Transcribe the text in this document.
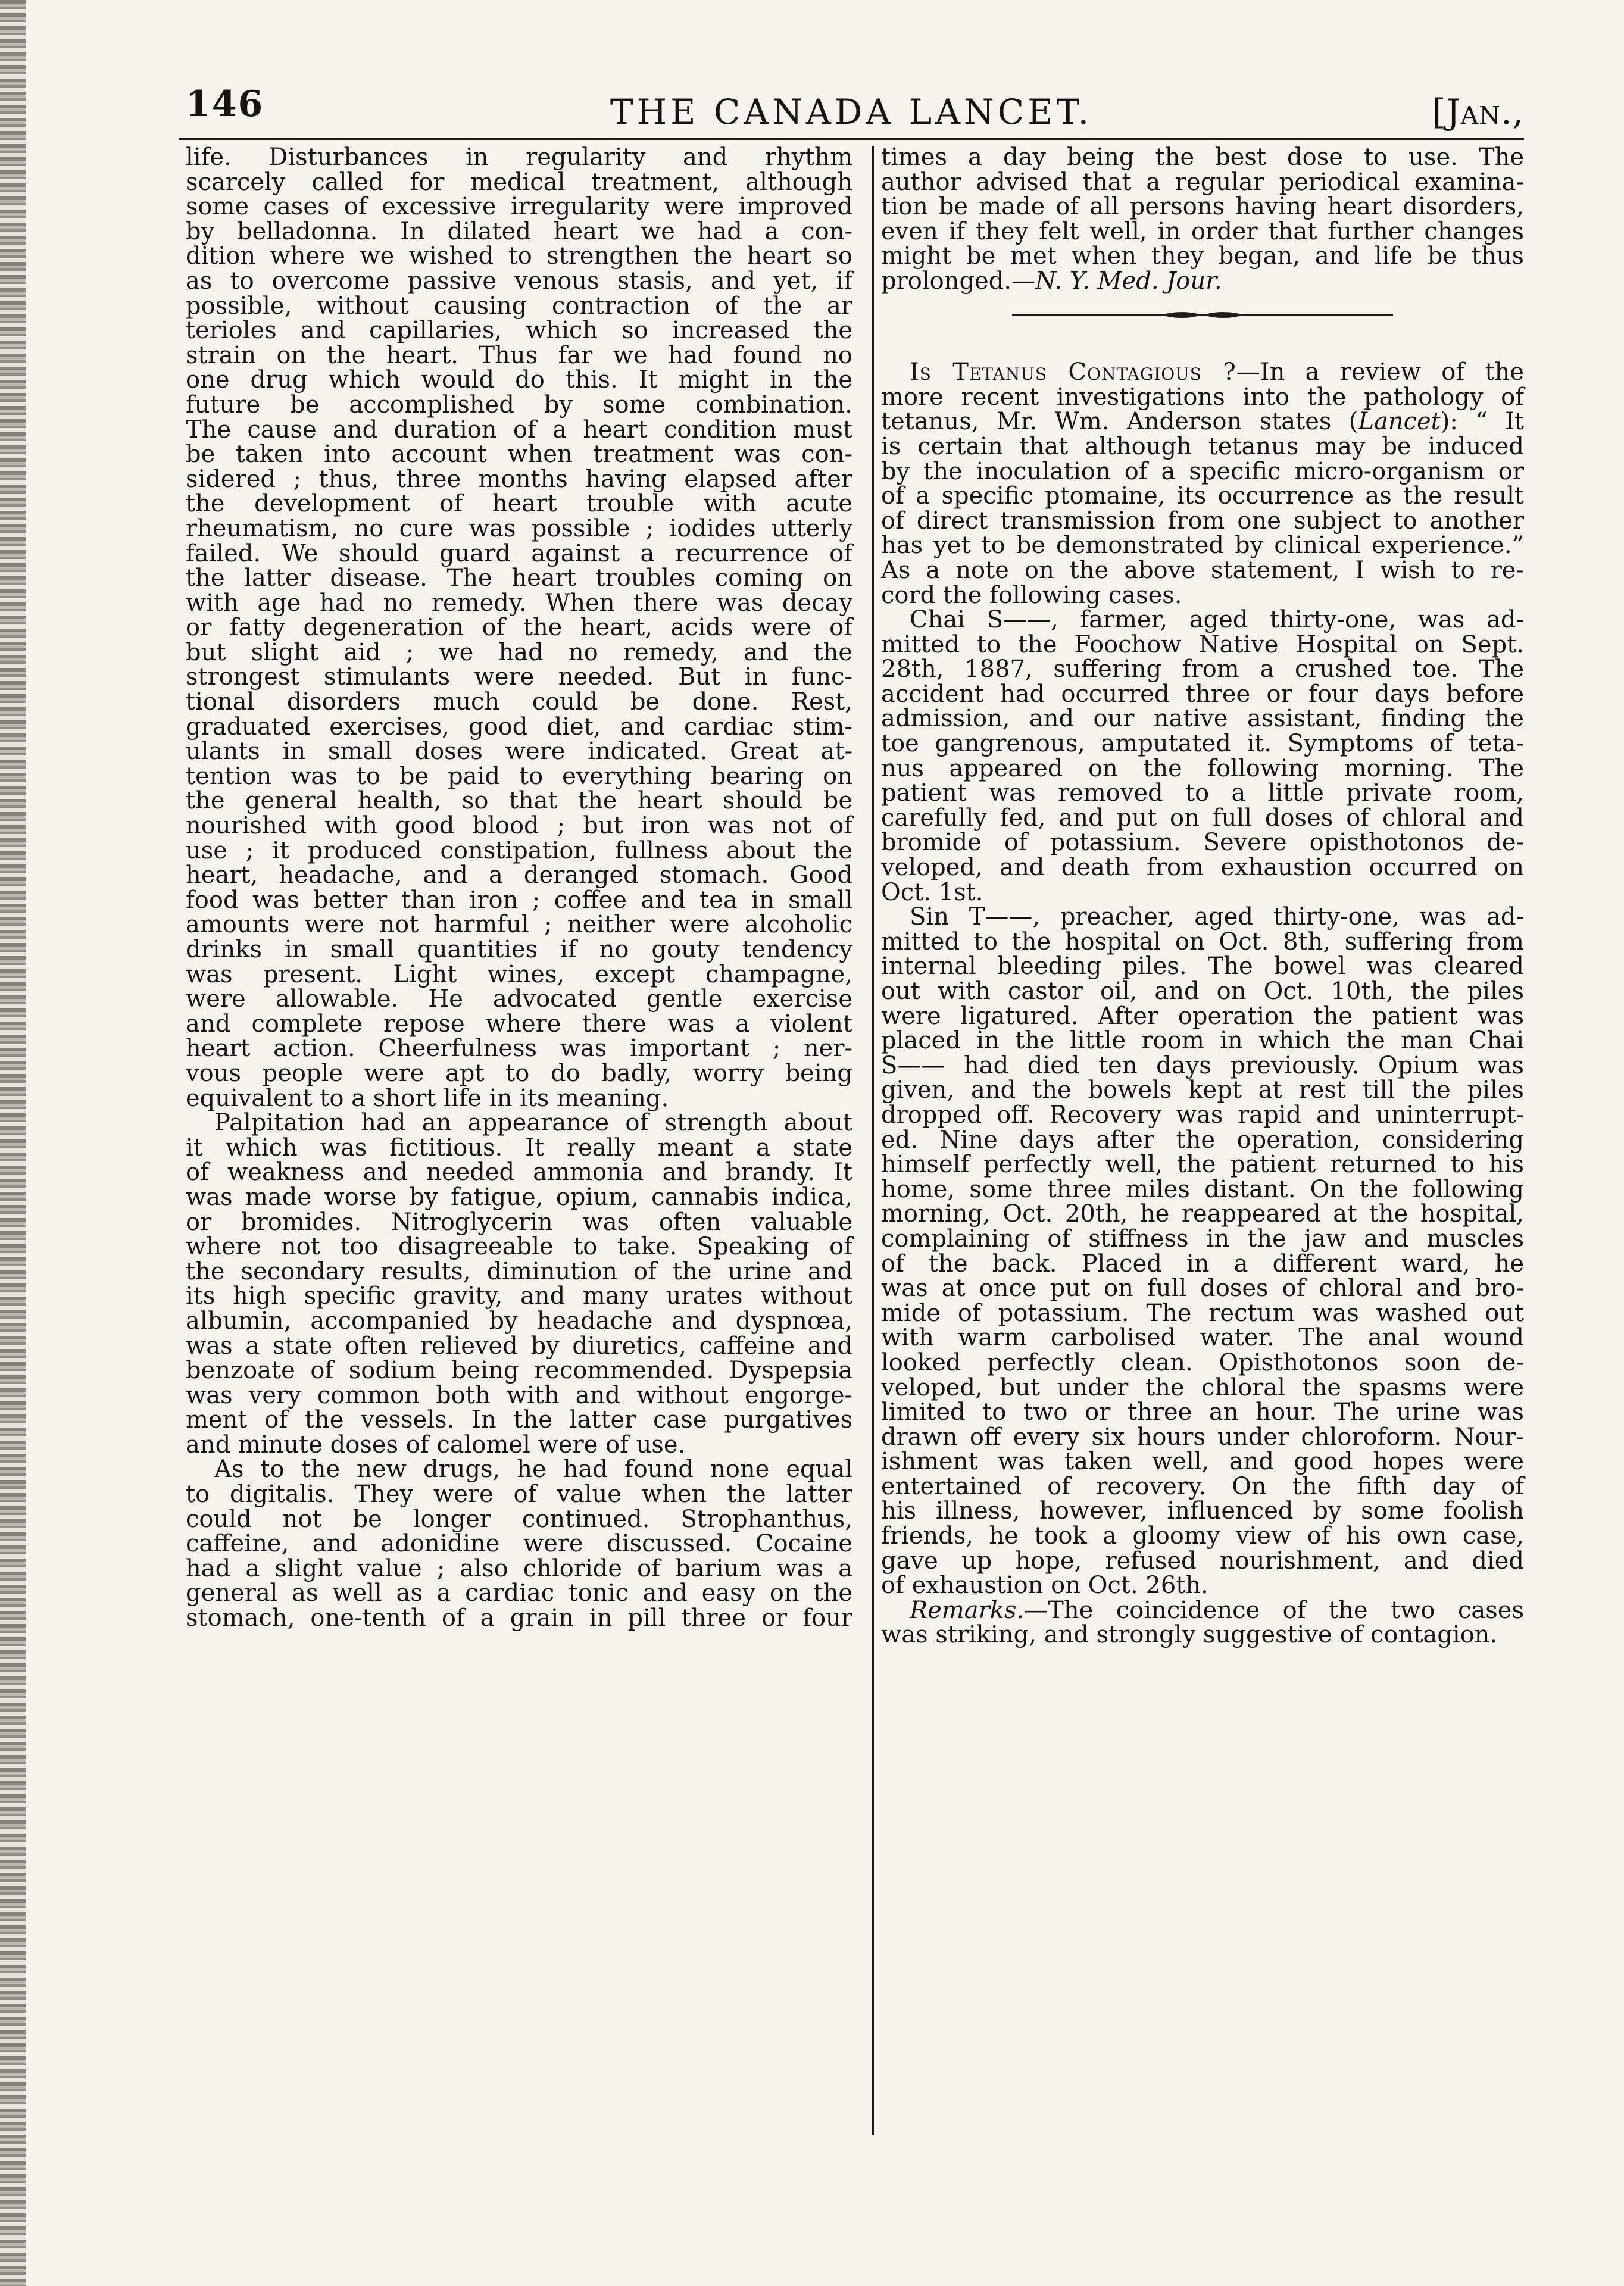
146	THE CANADA LANCET.	[Jan.,
life. Disturbances in regularity and rhythm
scarcely called for medical treatment, although
some cases of excessive irregularity were improved
by belladonna. In dilated heart we had a con-
dition where we wished to strengthen the heart so
as to overcome passive venous stasis, and yet, if
possible, without causing contraction of the ar
terioles and capillaries, which so increased the
strain on the heart. Thus far we had found no
one drug which would do this. It might in the
future be accomplished by some combination.
The cause and duration of a heart condition must
be taken into account when treatment was con-
sidered ; thus, three months having elapsed after
the development of heart trouble with acute
rheumatism, no cure was possible ; iodides utterly
failed. We should guard against a recurrence of
the latter disease. The heart troubles coming on
with age had no remedy. When there was decay
or fatty degeneration of the heart, acids were of
but slight aid ; we had no remedy, and the
strongest stimulants were needed. But in func-
tional disorders much could be done. Rest,
graduated exercises, good diet, and cardiac stim-
ulants in small doses were indicated. Great at-
tention was to be paid to everything bearing on
the general health, so that the heart should be
nourished with good blood ; but iron was not of
use ; it produced constipation, fullness about the
heart, headache, and a deranged stomach. Good
food was better than iron ; coffee and tea in small
amounts were not harmful ; neither were alcoholic
drinks in small quantities if no gouty tendency
was present. Light wines, except champagne,
were allowable. He advocated gentle exercise
and complete repose where there was a violent
heart action. Cheerfulness was important ; ner-
vous people were apt to do badly, worry being
equivalent to a short life in its meaning.
Palpitation had an appearance of strength about
it which was fictitious. It really meant a state
of weakness and needed ammonia and brandy. It
was made worse by fatigue, opium, cannabis indica,
or bromides. Nitroglycerin was often valuable
where not too disagreeable to take. Speaking of
the secondary results, diminution of the urine and
its high specific gravity, and many urates without
albumin, accompanied by headache and dyspnœa,
was a state often relieved by diuretics, caffeine and
benzoate of sodium being recommended. Dyspepsia
was very common both with and without engorge-
ment of the vessels. In the latter case purgatives
and minute doses of calomel were of use.
As to the new drugs, he had found none equal
to digitalis. They were of value when the latter
could not be longer continued. Strophanthus,
caffeine, and adonidine were discussed. Cocaine
had a slight value ; also chloride of barium was a
general as well as a cardiac tonic and easy on the
stomach, one-tenth of a grain in pill three or four
times a day being the best dose to use. The
author advised that a regular periodical examina-
tion be made of all persons having heart disorders,
even if they felt well, in order that further changes
might be met when they began, and life be thus
prolonged.—N. Y. Med. Jour.
Is Tetanus Contagious ?—In a review of the
more recent investigations into the pathology of
tetanus, Mr. Wm. Anderson states (Lancet): “ It
is certain that although tetanus may be induced
by the inoculation of a specific micro-organism or
of a specific ptomaine, its occurrence as the result
of direct transmission from one subject to another
has yet to be demonstrated by clinical experience.”
As a note on the above statement, I wish to re-
cord the following cases.
Chai S——, farmer, aged thirty-one, was ad-
mitted to the Foochow Native Hospital on Sept.
28th, 1887, suffering from a crushed toe. The
accident had occurred three or four days before
admission, and our native assistant, finding the
toe gangrenous, amputated it. Symptoms of teta-
nus appeared on the following morning. The
patient was removed to a little private room,
carefully fed, and put on full doses of chloral and
bromide of potassium. Severe opisthotonos de-
veloped, and death from exhaustion occurred on
Oct. 1st.
Sin T——, preacher, aged thirty-one, was ad-
mitted to the hospital on Oct. 8th, suffering from
internal bleeding piles. The bowel was cleared
out with castor oil, and on Oct. 10th, the piles
were ligatured. After operation the patient was
placed in the little room in which the man Chai
S—— had died ten days previously. Opium was
given, and the bowels kept at rest till the piles
dropped off. Recovery was rapid and uninterrupt-
ed. Nine days after the operation, considering
himself perfectly well, the patient returned to his
home, some three miles distant. On the following
morning, Oct. 20th, he reappeared at the hospital,
complaining of stiffness in the jaw and muscles
of the back. Placed in a different ward, he
was at once put on full doses of chloral and bro-
mide of potassium. The rectum was washed out
with warm carbolised water. The anal wound
looked perfectly clean. Opisthotonos soon de-
veloped, but under the chloral the spasms were
limited to two or three an hour. The urine was
drawn off every six hours under chloroform. Nour-
ishment was taken well, and good hopes were
entertained of recovery. On the fifth day of
his illness, however, influenced by some foolish
friends, he took a gloomy view of his own case,
gave up hope, refused nourishment, and died
of exhaustion on Oct. 26th.
Remarks.—The coincidence of the two cases
was striking, and strongly suggestive of contagion.
